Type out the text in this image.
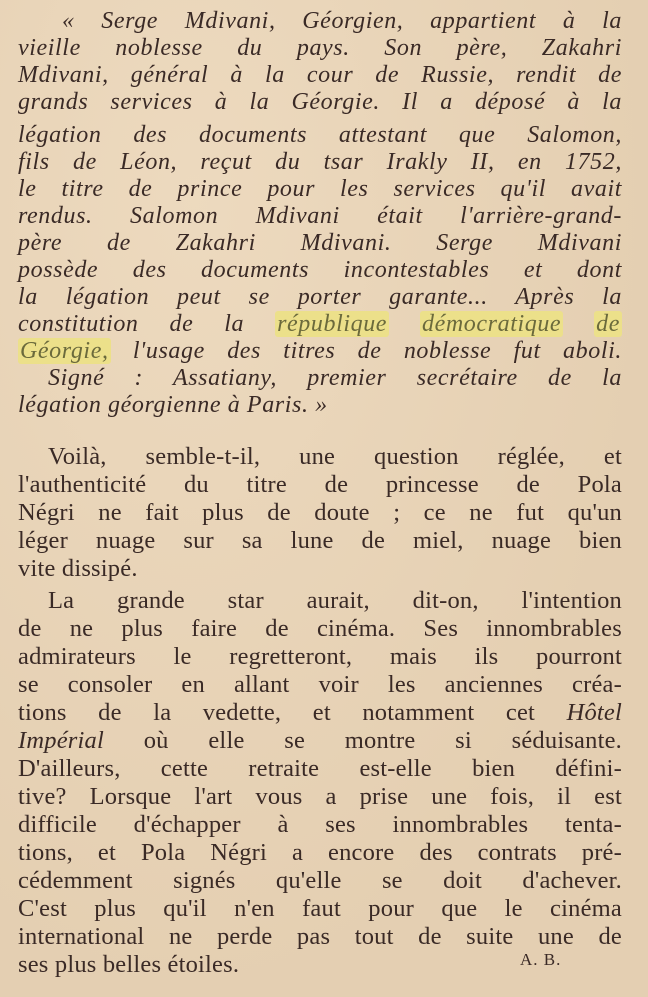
« Serge Mdivani, Géorgien, appartient à la
vieille noblesse du pays. Son père, Zakahri
Mdivani, général à la cour de Russie, rendit de
grands services à la Géorgie. Il a déposé à la
légation des documents attestant que Salomon,
fils de Léon, reçut du tsar Irakly II, en 1752,
le titre de prince pour les services qu'il avait
rendus. Salomon Mdivani était l'arrière-grand-
père de Zakahri Mdivani. Serge Mdivani
possède des documents incontestables et dont
la légation peut se porter garante... Après la
constitution de la république démocratique de
Géorgie, l'usage des titres de noblesse fut aboli.
Signé : Assatiany, premier secrétaire de la
légation géorgienne à Paris. »
Voilà, semble-t-il, une question réglée, et
l'authenticité du titre de princesse de Pola
Négri ne fait plus de doute ; ce ne fut qu'un
léger nuage sur sa lune de miel, nuage bien
vite dissipé.
La grande star aurait, dit-on, l'intention
de ne plus faire de cinéma. Ses innombrables
admirateurs le regretteront, mais ils pourront
se consoler en allant voir les anciennes créa-
tions de la vedette, et notamment cet Hôtel
Impérial où elle se montre si séduisante.
D'ailleurs, cette retraite est-elle bien défini-
tive? Lorsque l'art vous a prise une fois, il est
difficile d'échapper à ses innombrables tenta-
tions, et Pola Négri a encore des contrats pré-
cédemment signés qu'elle se doit d'achever.
C'est plus qu'il n'en faut pour que le cinéma
international ne perde pas tout de suite une de
ses plus belles étoiles.	A. B.
